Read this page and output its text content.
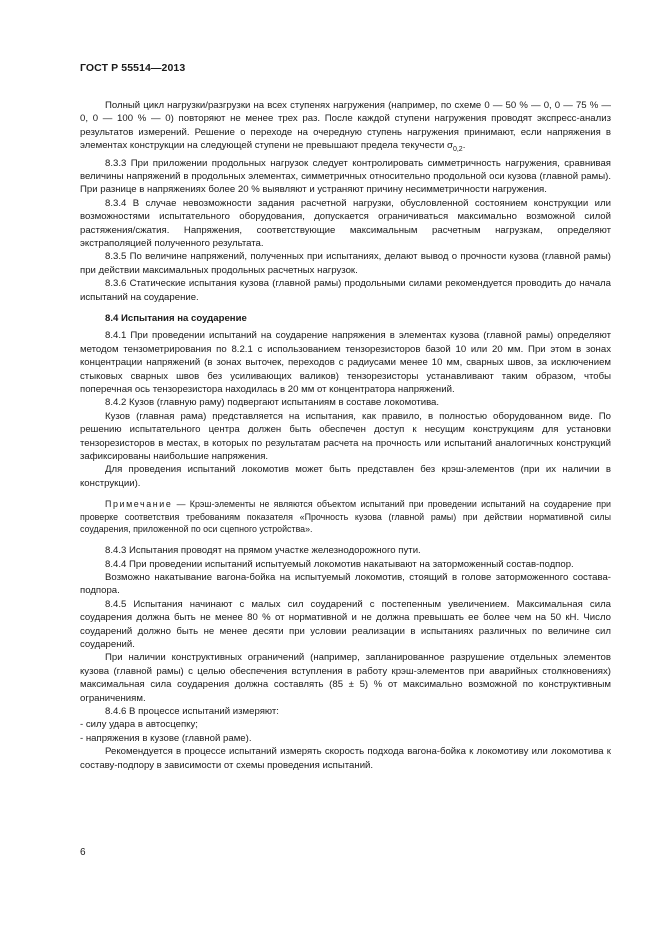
ГОСТ Р 55514—2013

Полный цикл нагрузки/разгрузки на всех ступенях нагружения (например, по схеме 0 — 50 % — 0, 0 — 75 % — 0, 0 — 100 % — 0) повторяют не менее трех раз. После каждой ступени нагружения проводят экспресс-анализ результатов измерений. Решение о переходе на очередную ступень нагружения принимают, если напряжения в элементах конструкции на следующей ступени не превышают предела текучести $\sigma_{0,2}$.

8.3.3 При приложении продольных нагрузок следует контролировать симметричность нагружения, сравнивая величины напряжений в продольных элементах, симметричных относительно продольной оси кузова (главной рамы). При разнице в напряжениях более 20 % выявляют и устраняют причину несимметричности нагружения.

8.3.4 В случае невозможности задания расчетной нагрузки, обусловленной состоянием конструкции или возможностями испытательного оборудования, допускается ограничиваться максимально возможной силой растяжения/сжатия. Напряжения, соответствующие максимальным расчетным нагрузкам, определяют экстраполяцией полученного результата.

8.3.5 По величине напряжений, полученных при испытаниях, делают вывод о прочности кузова (главной рамы) при действии максимальных продольных расчетных нагрузок.

8.3.6 Статические испытания кузова (главной рамы) продольными силами рекомендуется проводить до начала испытаний на соударение.

8.4 Испытания на соударение

8.4.1 При проведении испытаний на соударение напряжения в элементах кузова (главной рамы) определяют методом тензометрирования по 8.2.1 с использованием тензорезисторов базой 10 или 20 мм. При этом в зонах концентрации напряжений (в зонах выточек, переходов с радиусами менее 10 мм, сварных швов, за исключением стыковых сварных швов без усиливающих валиков) тензорезисторы устанавливают таким образом, чтобы поперечная ось тензорезистора находилась в 20 мм от концентратора напряжений.

8.4.2 Кузов (главную раму) подвергают испытаниям в составе локомотива.

Кузов (главная рама) представляется на испытания, как правило, в полностью оборудованном виде. По решению испытательного центра должен быть обеспечен доступ к несущим конструкциям для установки тензорезисторов в местах, в которых по результатам расчета на прочность или испытаний аналогичных конструкций зафиксированы наибольшие напряжения.

Для проведения испытаний локомотив может быть представлен без крэш-элементов (при их наличии в конструкции).

Примечание — Крэш-элементы не являются объектом испытаний при проведении испытаний на соударение при проверке соответствия требованиям показателя «Прочность кузова (главной рамы) при действии нормативной силы соударения, приложенной по оси сцепного устройства».

8.4.3 Испытания проводят на прямом участке железнодорожного пути.

8.4.4 При проведении испытаний испытуемый локомотив накатывают на заторможенный состав-подпор.

Возможно накатывание вагона-бойка на испытуемый локомотив, стоящий в голове заторможенного состава-подпора.

8.4.5 Испытания начинают с малых сил соударений с постепенным увеличением. Максимальная сила соударения должна быть не менее 80 % от нормативной и не должна превышать ее более чем на 50 кН. Число соударений должно быть не менее десяти при условии реализации в испытаниях различных по величине сил соударений.

При наличии конструктивных ограничений (например, запланированное разрушение отдельных элементов кузова (главной рамы) с целью обеспечения вступления в работу крэш-элементов при аварийных столкновениях) максимальная сила соударения должна составлять (85 ± 5) % от максимально возможной по конструктивным ограничениям.

8.4.6 В процессе испытаний измеряют:

- силу удара в автосцепку;

- напряжения в кузове (главной раме).

Рекомендуется в процессе испытаний измерять скорость подхода вагона-бойка к локомотиву или локомотива к составу-подпору в зависимости от схемы проведения испытаний.

6
